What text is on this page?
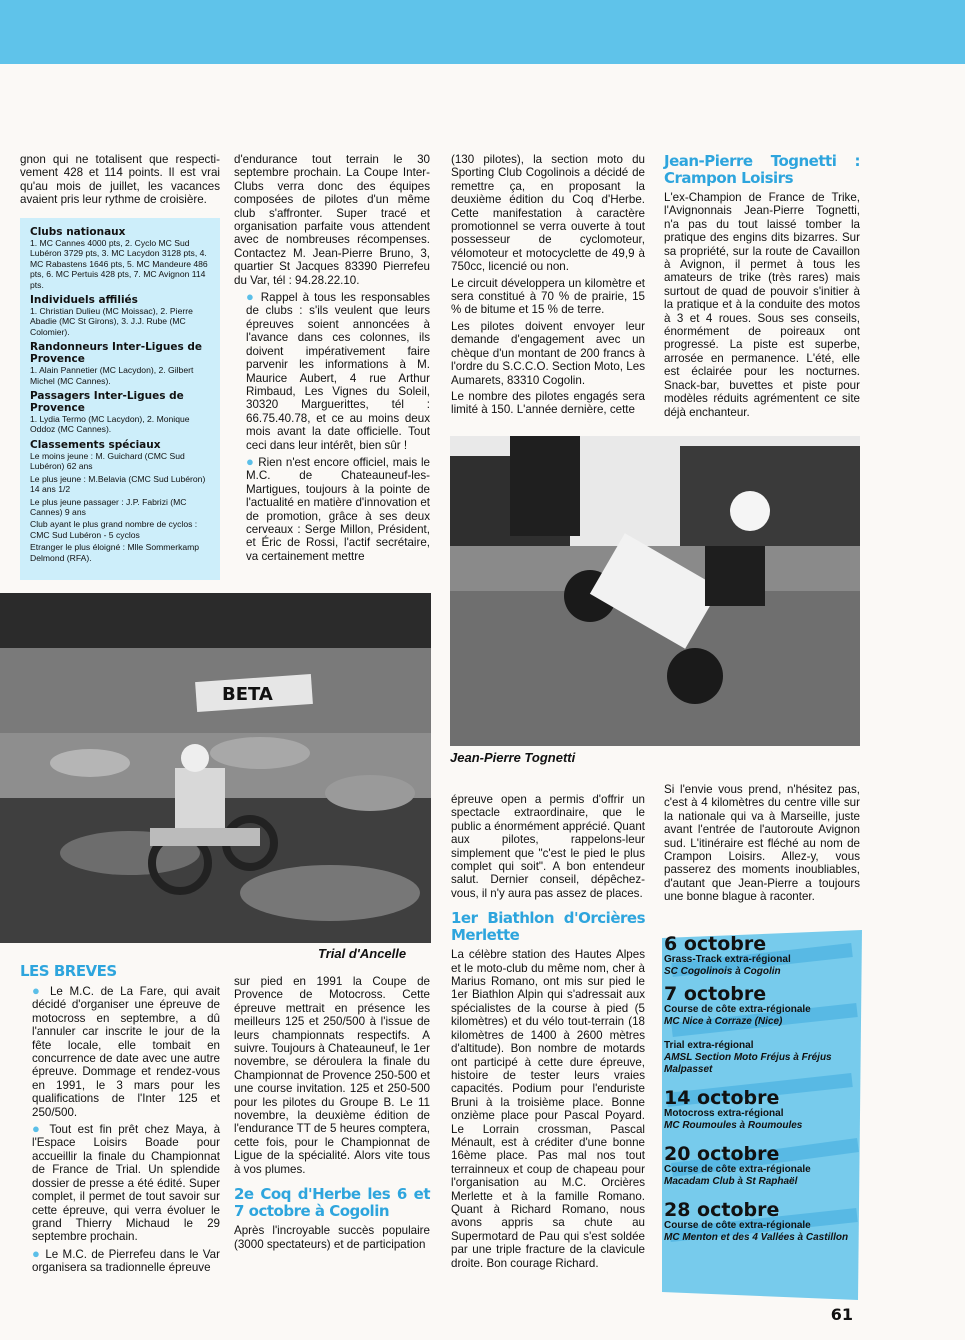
gnon qui ne totalisent que respecti-vement 428 et 114 points. Il est vrai qu'au mois de juillet, les vacances avaient pris leur rythme de croisière.

Clubs nationaux

1. MC Cannes 4000 pts, 2. Cyclo MC Sud Lubéron 3729 pts, 3. MC Lacydon 3128 pts, 4. MC Rabastens 1646 pts, 5. MC Mandeure 486 pts, 6. MC Pertuis 428 pts, 7. MC Avignon 114 pts.

Individuels affiliés

1. Christian Dulieu (MC Moissac), 2. Pierre Abadie (MC St Girons), 3. J.J. Rube (MC Colomier).

Randonneurs Inter-Ligues de Provence

1. Alain Pannetier (MC Lacydon), 2. Gilbert Michel (MC Cannes).

Passagers Inter-Ligues de Provence

1. Lydia Termo (MC Lacydon), 2. Monique Oddoz (MC Cannes).

Classements spéciaux

Le moins jeune : M. Guichard (CMC Sud Lubéron) 62 ans

Le plus jeune : M.Belavia (CMC Sud Lubéron) 14 ans 1/2

Le plus jeune passager : J.P. Fabrizi (MC Cannes) 9 ans

Club ayant le plus grand nombre de cyclos : CMC Sud Lubéron - 5 cyclos

Etranger le plus éloigné : Mlle Sommerkamp Delmond (RFA).

d'endurance tout terrain le 30 septembre prochain. La Coupe Inter-Clubs verra donc des équipes composées de pilotes d'un même club s'affronter. Super tracé et organisation parfaite vous attendent avec de nombreuses récompenses. Contactez M. Jean-Pierre Bruno, 3, quartier St Jacques 83390 Pierrefeu du Var, tél : 94.28.22.10.

● Rappel à tous les responsables de clubs : s'ils veulent que leurs épreuves soient annoncées à l'avance dans ces colonnes, ils doivent impérativement faire parvenir les informations à M. Maurice Aubert, 4 rue Arthur Rimbaud, Les Vignes du Soleil, 30320 Marguerittes, tél : 66.75.40.78, et ce au moins deux mois avant la date officielle. Tout ceci dans leur intérêt, bien sûr !

● Rien n'est encore officiel, mais le M.C. de Chateauneuf-les-Martigues, toujours à la pointe de l'actualité en matière d'innovation et de promotion, grâce à ses deux cerveaux : Serge Millon, Président, et Éric de Rossi, l'actif secrétaire, va certainement mettre

(130 pilotes), la section moto du Sporting Club Cogolinois a décidé de remettre ça, en proposant la deuxième édition du Coq d'Herbe. Cette manifestation à caractère promotionnel se verra ouverte à tout possesseur de cyclomoteur, vélomoteur et motocyclette de 49,9 à 750cc, licencié ou non.

Le circuit développera un kilomètre et sera constitué à 70 % de prairie, 15 % de bitume et 15 % de terre.

Les pilotes doivent envoyer leur demande d'engagement avec un chèque d'un montant de 200 francs à l'ordre du S.C.C.O. Section Moto, Les Aumarets, 83310 Cogolin.

Le nombre des pilotes engagés sera limité à 150. L'année dernière, cette

Jean-Pierre Tognetti : Crampon Loisirs

L'ex-Champion de France de Trike, l'Avignonnais Jean-Pierre Tognetti, n'a pas du tout laissé tomber la pratique des engins dits bizarres. Sur sa propriété, sur la route de Cavaillon à Avignon, il permet à tous les amateurs de trike (très rares) mais surtout de quad de pouvoir s'initier à la pratique et à la conduite des motos à 3 et 4 roues. Sous ses conseils, énormément de poireaux ont progressé. La piste est superbe, arrosée en permanence. L'été, elle est éclairée pour les nocturnes. Snack-bar, buvettes et piste pour modèles réduits agrémentent ce site déjà enchanteur.

BETA
Trial d'Ancelle
Jean-Pierre Tognetti

épreuve open a permis d'offrir un spectacle extraordinaire, que le public a énormément apprécié. Quant aux pilotes, rappelons-leur simplement que "c'est le pied le plus complet qui soit". A bon entendeur salut. Dernier conseil, dépêchez-vous, il n'y aura pas assez de places.

1er Biathlon d'Orcières Merlette

La célèbre station des Hautes Alpes et le moto-club du même nom, cher à Marius Romano, ont mis sur pied le 1er Biathlon Alpin qui s'adressait aux spécialistes de la course à pied (5 kilomètres) et du vélo tout-terrain (18 kilomètres de 1400 à 2600 mètres d'altitude). Bon nombre de motards ont participé à cette dure épreuve, histoire de tester leurs vraies capacités. Podium pour l'enduriste Bruni à la troisième place. Bonne onzième place pour Pascal Poyard. Le Lorrain crossman, Pascal Ménault, est à créditer d'une bonne 16ème place. Pas mal nos tout terrainneux et coup de chapeau pour l'organisation au M.C. Orcières Merlette et à la famille Romano. Quant à Richard Romano, nous avons appris sa chute au Supermotard de Pau qui s'est soldée par une triple fracture de la clavicule droite. Bon courage Richard.

Si l'envie vous prend, n'hésitez pas, c'est à 4 kilomètres du centre ville sur la nationale qui va à Marseille, juste avant l'entrée de l'autoroute Avignon sud. L'itinéraire est fléché au nom de Crampon Loisirs. Allez-y, vous passerez des moments inoubliables, d'autant que Jean-Pierre a toujours une bonne blague à raconter.

LES BREVES

● Le M.C. de La Fare, qui avait décidé d'organiser une épreuve de motocross en septembre, a dû l'annuler car inscrite le jour de la fête locale, elle tombait en concurrence de date avec une autre épreuve. Dommage et rendez-vous en 1991, le 3 mars pour les qualifications de l'Inter 125 et 250/500.

● Tout est fin prêt chez Maya, à l'Espace Loisirs Boade pour accueillir la finale du Championnat de France de Trial. Un splendide dossier de presse a été édité. Super complet, il permet de tout savoir sur cette épreuve, qui verra évoluer le grand Thierry Michaud le 29 septembre prochain.

● Le M.C. de Pierrefeu dans le Var organisera sa tradionnelle épreuve

sur pied en 1991 la Coupe de Provence de Motocross. Cette épreuve mettrait en présence les meilleurs 125 et 250/500 à l'issue de leurs championnats respectifs. A suivre. Toujours à Chateauneuf, le 1er novembre, se déroulera la finale du Championnat de Provence 250-500 et une course invitation. 125 et 250-500 pour les pilotes du Groupe B. Le 11 novembre, la deuxième édition de l'endurance TT de 5 heures comptera, cette fois, pour le Championnat de Ligue de la spécialité. Alors vite tous à vos plumes.

2e Coq d'Herbe les 6 et 7 octobre à Cogolin

Après l'incroyable succès populaire (3000 spectateurs) et de participation

6 octobre

Grass-Track extra-régional

SC Cogolinois à Cogolin

7 octobre

Course de côte extra-régionale

MC Nice à Corraze (Nice)

Trial extra-régional

AMSL Section Moto Fréjus à Fréjus Malpasset

14 octobre

Motocross extra-régional

MC Roumoules à Roumoules

20 octobre

Course de côte extra-régionale

Macadam Club à St Raphaël

28 octobre

Course de côte extra-régionale

MC Menton et des 4 Vallées à Castillon

61
